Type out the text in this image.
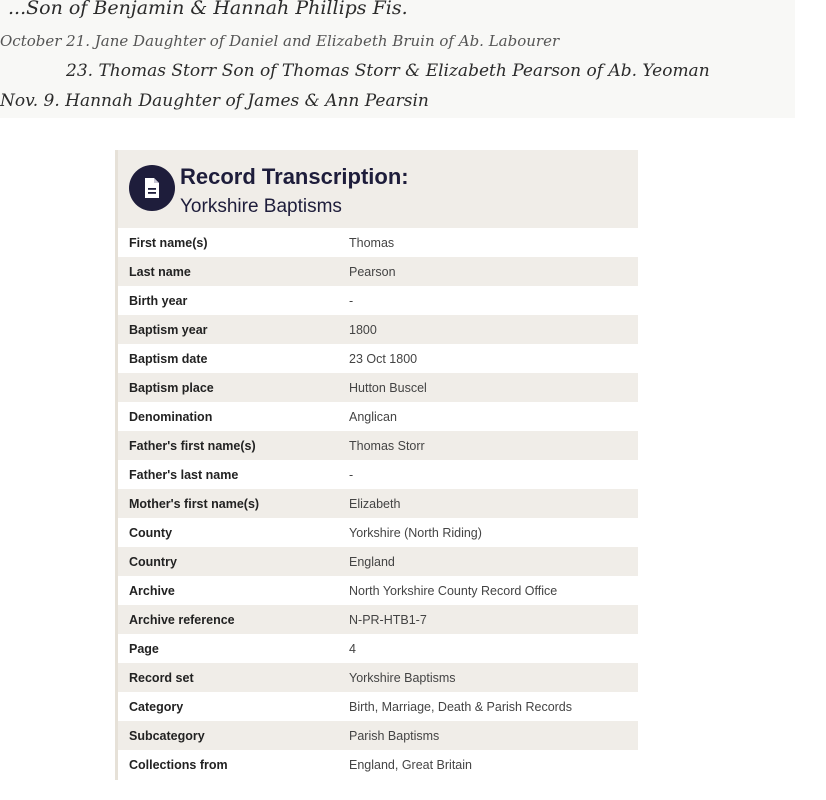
...Son of Benjamin & Hannah Phillips Fis.
October 21. Jane Daughter of Daniel and Elizabeth Bruin of Ab. Labourer
23. Thomas Storr Son of Thomas Storr & Elizabeth Pearson of Ab. Yeoman
Nov. 9. Hannah Daughter of James & Ann Pearsin
Record Transcription:
Yorkshire Baptisms
First name(s)	Thomas
Last name	Pearson
Birth year	-
Baptism year	1800
Baptism date	23 Oct 1800
Baptism place	Hutton Buscel
Denomination	Anglican
Father's first name(s)	Thomas Storr
Father's last name	-
Mother's first name(s)	Elizabeth
County	Yorkshire (North Riding)
Country	England
Archive	North Yorkshire County Record Office
Archive reference	N-PR-HTB1-7
Page	4
Record set	Yorkshire Baptisms
Category	Birth, Marriage, Death & Parish Records
Subcategory	Parish Baptisms
Collections from	England, Great Britain
